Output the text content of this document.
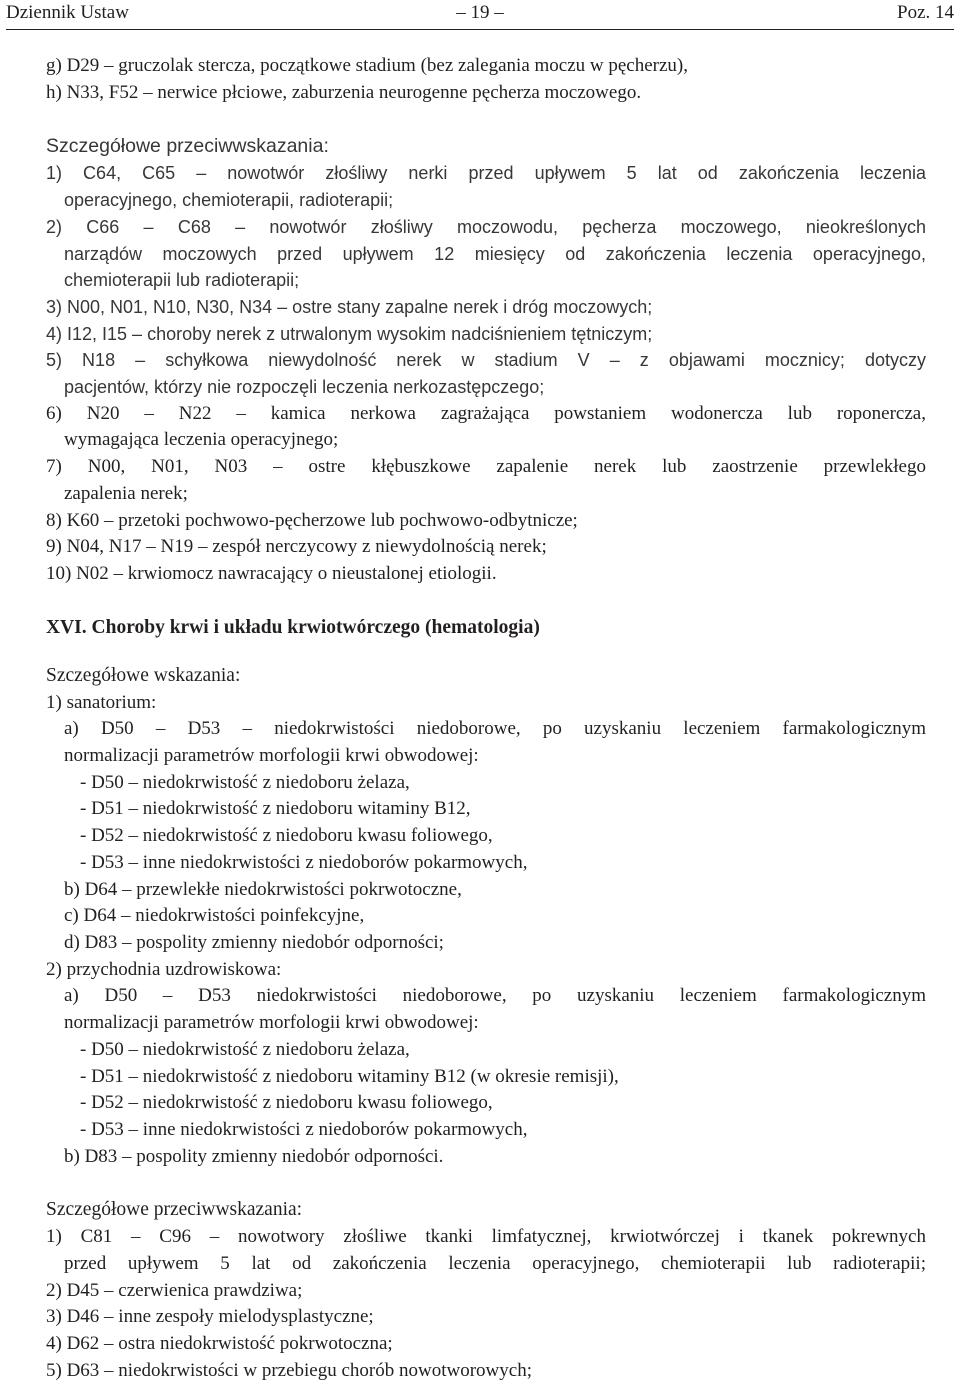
Dziennik Ustaw	– 19 –	Poz. 14
g) D29 – gruczolak stercza, początkowe stadium (bez zalegania moczu w pęcherzu),
h) N33, F52 – nerwice płciowe, zaburzenia neurogenne pęcherza moczowego.
Szczegółowe przeciwwskazania:
1) C64, C65 – nowotwór złośliwy nerki przed upływem 5 lat od zakończenia leczenia
operacyjnego, chemioterapii, radioterapii;
2) C66 – C68 – nowotwór złośliwy moczowodu, pęcherza moczowego, nieokreślonych
narządów moczowych przed upływem 12 miesięcy od zakończenia leczenia operacyjnego,
chemioterapii lub radioterapii;
3) N00, N01, N10, N30, N34 – ostre stany zapalne nerek i dróg moczowych;
4) I12, I15 – choroby nerek z utrwalonym wysokim nadciśnieniem tętniczym;
5) N18 – schyłkowa niewydolność nerek w stadium V – z objawami mocznicy; dotyczy
pacjentów, którzy nie rozpoczęli leczenia nerkozastępczego;
6) N20 – N22 – kamica nerkowa zagrażająca powstaniem wodonercza lub roponercza,
wymagająca leczenia operacyjnego;
7) N00, N01, N03 – ostre kłębuszkowe zapalenie nerek lub zaostrzenie przewlekłego
zapalenia nerek;
8) K60 – przetoki pochwowo-pęcherzowe lub pochwowo-odbytnicze;
9) N04, N17 – N19 – zespół nerczycowy z niewydolnością nerek;
10) N02 – krwiomocz nawracający o nieustalonej etiologii.
XVI. Choroby krwi i układu krwiotwórczego (hematologia)
Szczegółowe wskazania:
1) sanatorium:
a) D50 – D53 – niedokrwistości niedoborowe, po uzyskaniu leczeniem farmakologicznym
normalizacji parametrów morfologii krwi obwodowej:
- D50 – niedokrwistość z niedoboru żelaza,
- D51 – niedokrwistość z niedoboru witaminy B12,
- D52 – niedokrwistość z niedoboru kwasu foliowego,
- D53 – inne niedokrwistości z niedoborów pokarmowych,
b) D64 – przewlekłe niedokrwistości pokrwotoczne,
c) D64 – niedokrwistości poinfekcyjne,
d) D83 – pospolity zmienny niedobór odporności;
2) przychodnia uzdrowiskowa:
a) D50 – D53 niedokrwistości niedoborowe, po uzyskaniu leczeniem farmakologicznym
normalizacji parametrów morfologii krwi obwodowej:
- D50 – niedokrwistość z niedoboru żelaza,
- D51 – niedokrwistość z niedoboru witaminy B12 (w okresie remisji),
- D52 – niedokrwistość z niedoboru kwasu foliowego,
- D53 – inne niedokrwistości z niedoborów pokarmowych,
b) D83 – pospolity zmienny niedobór odporności.
Szczegółowe przeciwwskazania:
1) C81 – C96 – nowotwory złośliwe tkanki limfatycznej, krwiotwórczej i tkanek pokrewnych
przed upływem 5 lat od zakończenia leczenia operacyjnego, chemioterapii lub radioterapii;
2) D45 – czerwienica prawdziwa;
3) D46 – inne zespoły mielodysplastyczne;
4) D62 – ostra niedokrwistość pokrwotoczna;
5) D63 – niedokrwistości w przebiegu chorób nowotworowych;
